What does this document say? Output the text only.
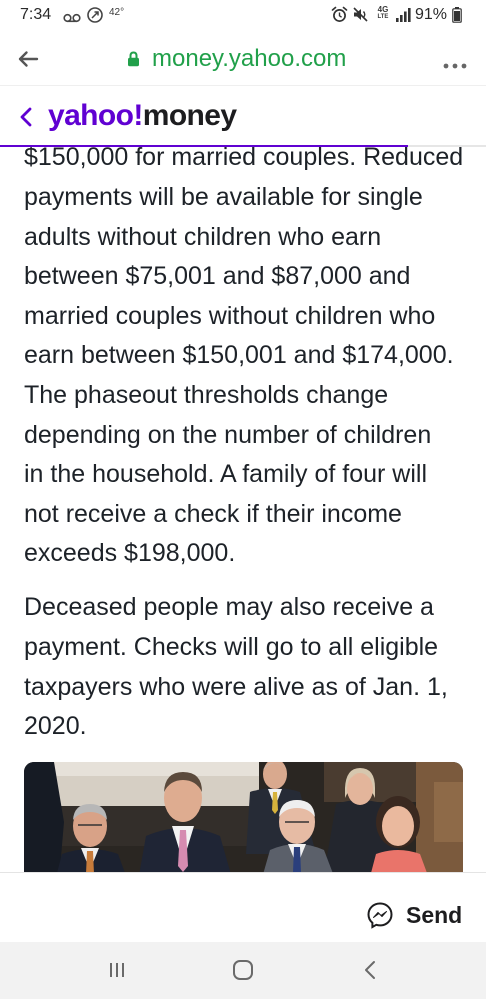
7:34	42°	4G
LTE	91%
money.yahoo.com
yahoo!money

$150,000 for married couples. Reduced
payments will be available for single
adults without children who earn
between $75,001 and $87,000 and
married couples without children who
earn between $150,001 and $174,000.
The phaseout thresholds change
depending on the number of children
in the household. A family of four will
not receive a check if their income
exceeds $198,000.

Deceased people may also receive a
payment. Checks will go to all eligible
taxpayers who were alive as of Jan. 1,
2020.

Send
